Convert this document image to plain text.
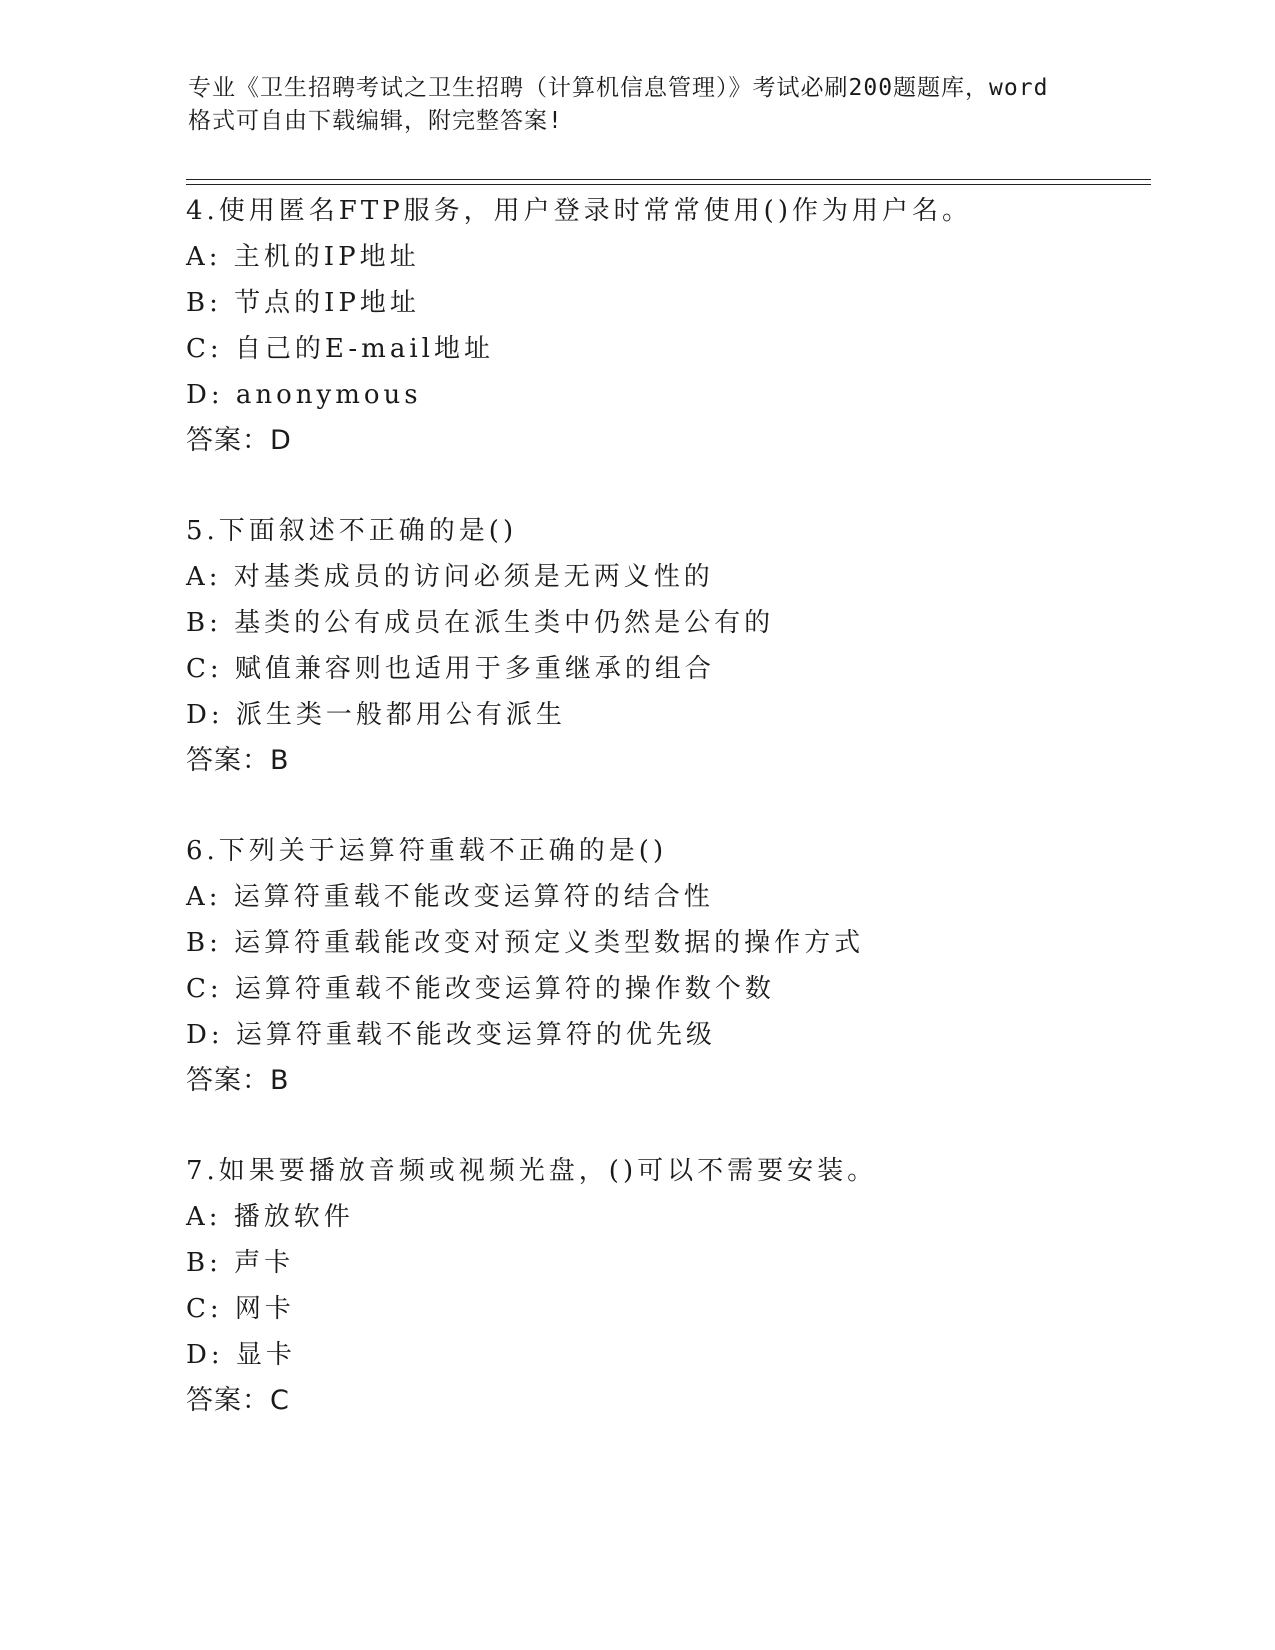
专业《卫生招聘考试之卫生招聘（计算机信息管理）》考试必刷200题题库，word
格式可自由下载编辑，附完整答案!
4.使用匿名FTP服务，用户登录时常常使用()作为用户名。
A: 主机的IP地址
B: 节点的IP地址
C: 自己的E-mail地址
D: anonymous
答案：D
5.下面叙述不正确的是()
A: 对基类成员的访问必须是无两义性的
B: 基类的公有成员在派生类中仍然是公有的
C: 赋值兼容则也适用于多重继承的组合
D: 派生类一般都用公有派生
答案：B
6.下列关于运算符重载不正确的是()
A: 运算符重载不能改变运算符的结合性
B: 运算符重载能改变对预定义类型数据的操作方式
C: 运算符重载不能改变运算符的操作数个数
D: 运算符重载不能改变运算符的优先级
答案：B
7.如果要播放音频或视频光盘，()可以不需要安装。
A: 播放软件
B: 声卡
C: 网卡
D: 显卡
答案：C
